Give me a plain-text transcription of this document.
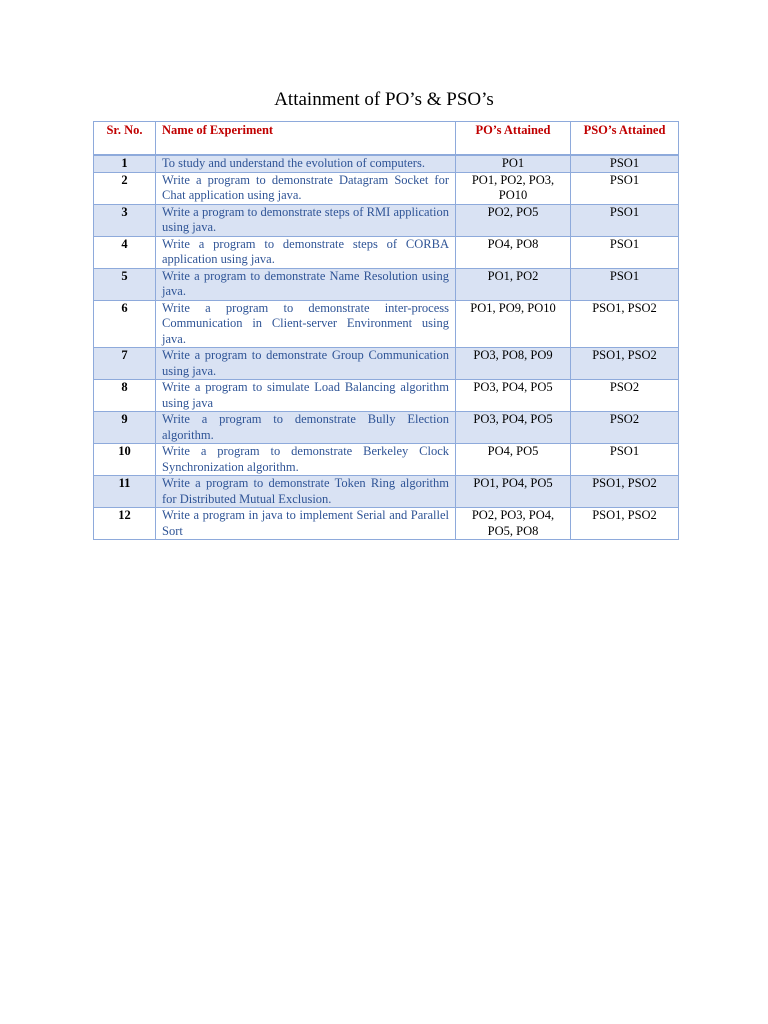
Attainment of PO’s & PSO’s
Sr. No.	Name of Experiment	PO’s Attained	PSO’s Attained
1	To study and understand the evolution of computers.	PO1	PSO1
2	Write a program to demonstrate Datagram Socket for Chat application using java.	PO1, PO2, PO3, PO10	PSO1
3	Write a program to demonstrate steps of RMI application using java.	PO2, PO5	PSO1
4	Write a program to demonstrate steps of CORBA application using java.	PO4, PO8	PSO1
5	Write a program to demonstrate Name Resolution using java.	PO1, PO2	PSO1
6	Write a program to demonstrate inter-process Communication in Client-server Environment using java.	PO1, PO9, PO10	PSO1, PSO2
7	Write a program to demonstrate Group Communication using java.	PO3, PO8, PO9	PSO1, PSO2
8	Write a program to simulate Load Balancing algorithm using java	PO3, PO4, PO5	PSO2
9	Write a program to demonstrate Bully Election algorithm.	PO3, PO4, PO5	PSO2
10	Write a program to demonstrate Berkeley Clock Synchronization algorithm.	PO4, PO5	PSO1
11	Write a program to demonstrate Token Ring algorithm for Distributed Mutual Exclusion.	PO1, PO4, PO5	PSO1, PSO2
12	Write a program in java to implement Serial and Parallel Sort	PO2, PO3, PO4, PO5, PO8	PSO1, PSO2
